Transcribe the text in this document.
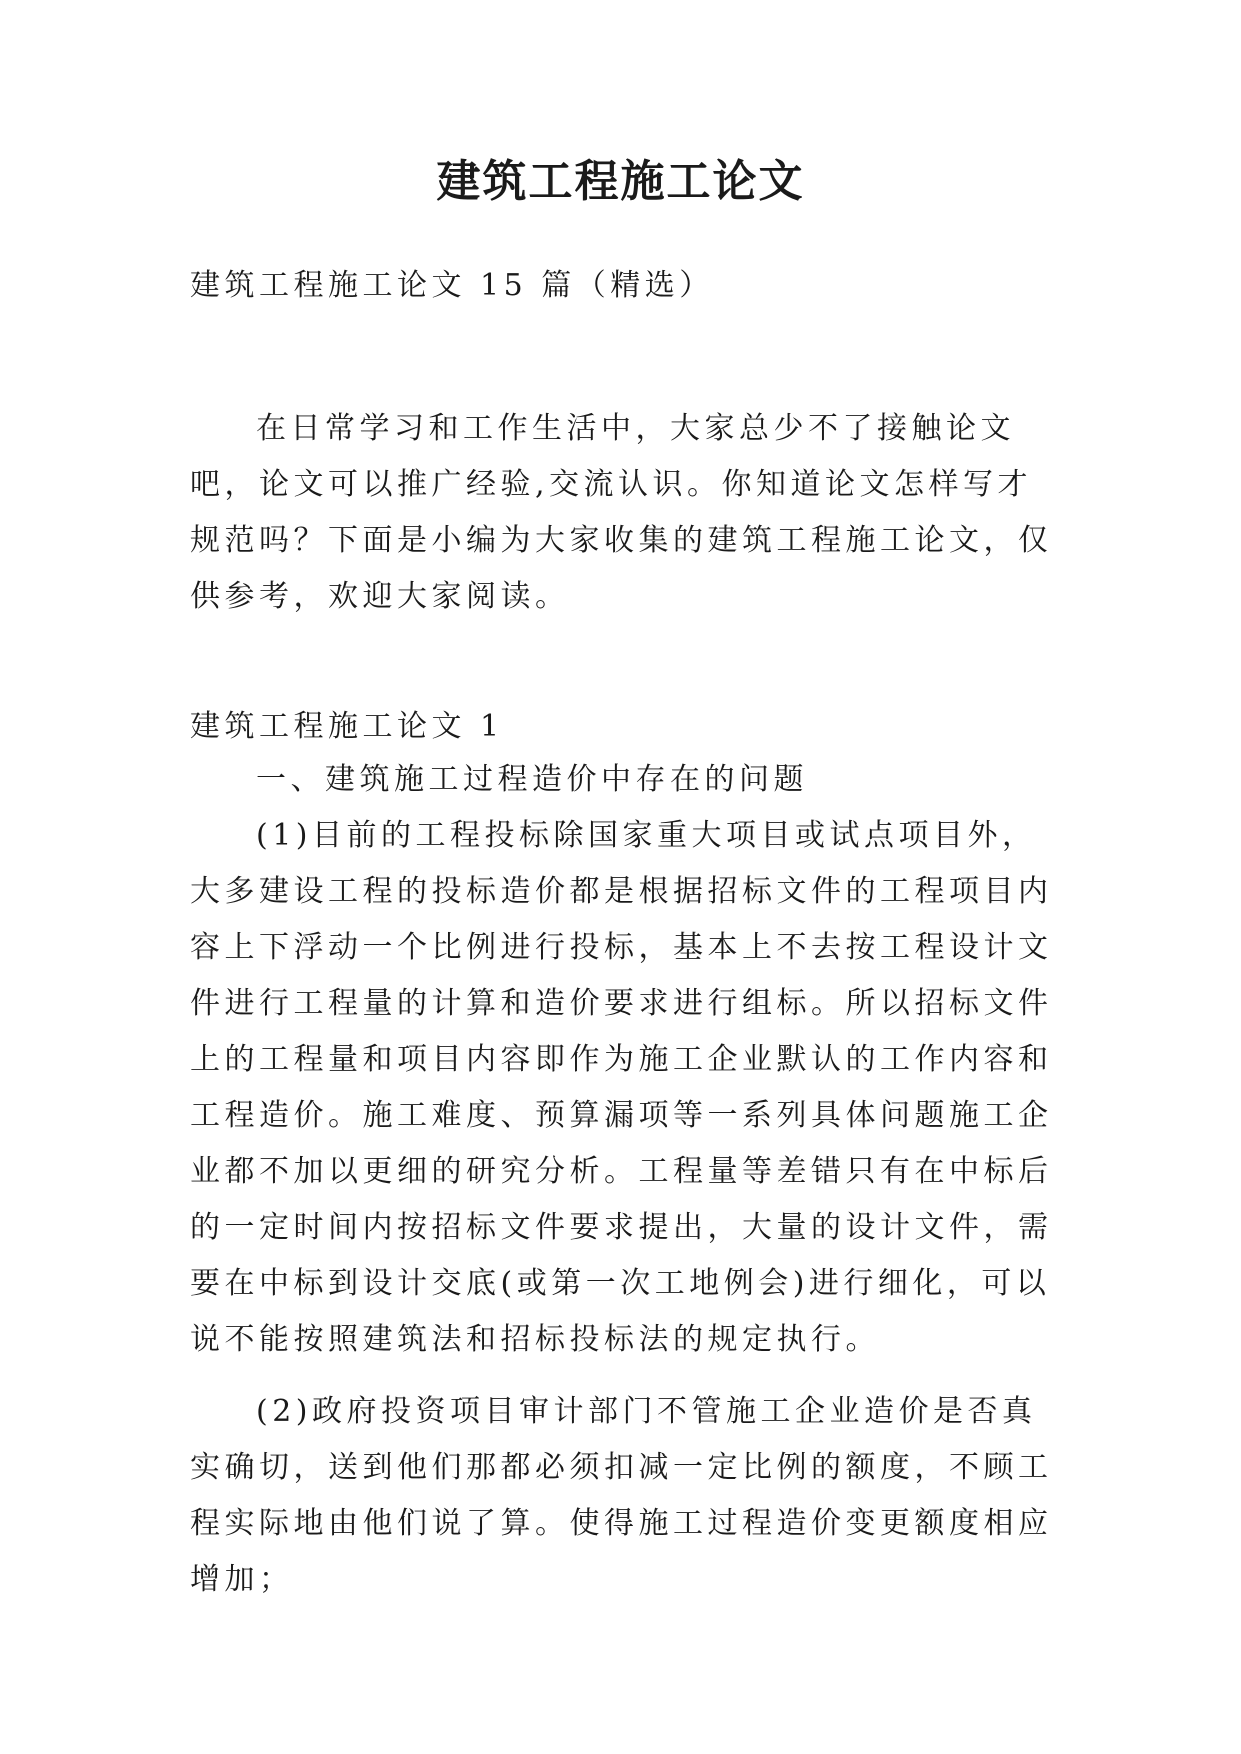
建筑工程施工论文

建筑工程施工论文 15 篇（精选）

在日常学习和工作生活中，大家总少不了接触论文吧，论文可以推广经验,交流认识。你知道论文怎样写才规范吗？下面是小编为大家收集的建筑工程施工论文，仅供参考，欢迎大家阅读。

建筑工程施工论文 1

一、建筑施工过程造价中存在的问题

(1)目前的工程投标除国家重大项目或试点项目外，大多建设工程的投标造价都是根据招标文件的工程项目内容上下浮动一个比例进行投标，基本上不去按工程设计文件进行工程量的计算和造价要求进行组标。所以招标文件上的工程量和项目内容即作为施工企业默认的工作内容和工程造价。施工难度、预算漏项等一系列具体问题施工企业都不加以更细的研究分析。工程量等差错只有在中标后的一定时间内按招标文件要求提出，大量的设计文件，需要在中标到设计交底(或第一次工地例会)进行细化，可以说不能按照建筑法和招标投标法的规定执行。

(2)政府投资项目审计部门不管施工企业造价是否真实确切，送到他们那都必须扣减一定比例的额度，不顾工程实际地由他们说了算。使得施工过程造价变更额度相应增加；
